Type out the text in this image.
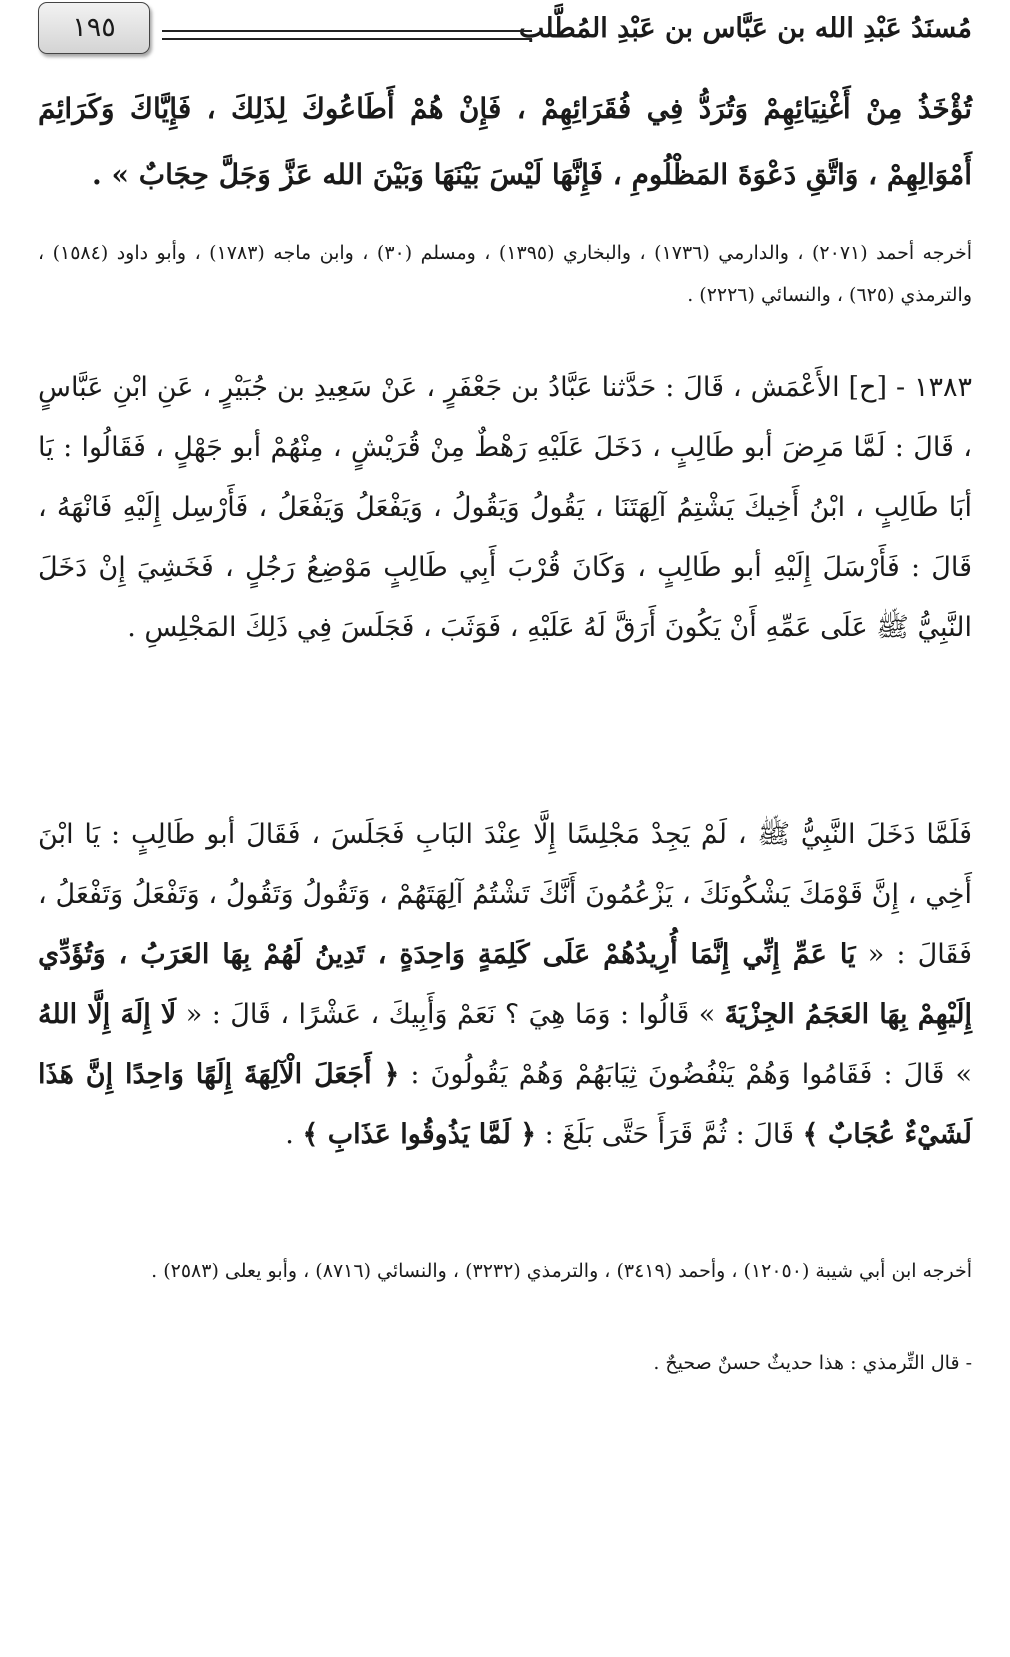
مُسنَدُ عَبْدِ الله بن عَبَّاس بن عَبْدِ المُطَّلب
١٩٥

تُؤْخَذُ مِنْ أَغْنِيَائِهِمْ وَتُرَدُّ فِي فُقَرَائِهِمْ ، فَإِنْ هُمْ أَطَاعُوكَ لِذَلِكَ ، فَإِيَّاكَ وَكَرَائِمَ أَمْوَالِهِمْ ، وَاتَّقِ دَعْوَةَ المَظْلُومِ ، فَإِنَّهَا لَيْسَ بَيْنَهَا وَبَيْنَ الله عَزَّ وَجَلَّ حِجَابٌ » .

أخرجه أحمد (٢٠٧١) ، والدارمي (١٧٣٦) ، والبخاري (١٣٩٥) ، ومسلم (٣٠) ، وابن ماجه (١٧٨٣) ، وأبو داود (١٥٨٤) ، والترمذي (٦٢٥) ، والنسائي (٢٢٢٦) .

١٣٨٣ - [ح] الأَعْمَش ، قَالَ : حَدَّثنا عَبَّادُ بن جَعْفَرٍ ، عَنْ سَعِيدِ بن جُبَيْرٍ ، عَنِ ابْنِ عَبَّاسٍ ، قَالَ : لَمَّا مَرِضَ أبو طَالِبٍ ، دَخَلَ عَلَيْهِ رَهْطٌ مِنْ قُرَيْشٍ ، مِنْهُمْ أبو جَهْلٍ ، فَقَالُوا : يَا أبَا طَالِبٍ ، ابْنُ أَخِيكَ يَشْتِمُ آلِهَتَنَا ، يَقُولُ وَيَقُولُ ، وَيَفْعَلُ وَيَفْعَلُ ، فَأَرْسِل إِلَيْهِ فَانْهَهُ ، قَالَ : فَأَرْسَلَ إِلَيْهِ أبو طَالِبٍ ، وَكَانَ قُرْبَ أَبِي طَالِبٍ مَوْضِعُ رَجُلٍ ، فَخَشِيَ إِنْ دَخَلَ النَّبِيُّ ﷺ عَلَى عَمِّهِ أَنْ يَكُونَ أَرَقَّ لَهُ عَلَيْهِ ، فَوَثَبَ ، فَجَلَسَ فِي ذَلِكَ المَجْلِسِ .

فَلَمَّا دَخَلَ النَّبِيُّ ﷺ ، لَمْ يَجِدْ مَجْلِسًا إِلَّا عِنْدَ البَابِ فَجَلَسَ ، فَقَالَ أبو طَالِبٍ : يَا ابْنَ أَخِي ، إِنَّ قَوْمَكَ يَشْكُونَكَ ، يَزْعُمُونَ أَنَّكَ تَشْتُمُ آلِهَتَهُمْ ، وَتَقُولُ وَتَقُولُ ، وَتَفْعَلُ وَتَفْعَلُ ، فَقَالَ : « يَا عَمِّ إِنِّي إِنَّمَا أُرِيدُهُمْ عَلَى كَلِمَةٍ وَاحِدَةٍ ، تَدِينُ لَهُمْ بِهَا العَرَبُ ، وَتُؤَدِّي إِلَيْهِمْ بِهَا العَجَمُ الجِزْيَةَ » قَالُوا : وَمَا هِيَ ؟ نَعَمْ وَأَبِيكَ ، عَشْرًا ، قَالَ : « لَا إِلَهَ إِلَّا اللهُ » قَالَ : فَقَامُوا وَهُمْ يَنْفُضُونَ ثِيَابَهُمْ وَهُمْ يَقُولُونَ : ﴿ أَجَعَلَ الْآلِهَةَ إِلَهًا وَاحِدًا إِنَّ هَذَا لَشَيْءٌ عُجَابٌ ﴾ قَالَ : ثُمَّ قَرَأَ حَتَّى بَلَغَ : ﴿ لَمَّا يَذُوقُوا عَذَابِ ﴾ .

أخرجه ابن أبي شيبة (١٢٠٥٠) ، وأحمد (٣٤١٩) ، والترمذي (٣٢٣٢) ، والنسائي (٨٧١٦) ، وأبو يعلى (٢٥٨٣) .

- قال التِّرمذي : هذا حديثٌ حسنٌ صحيحٌ .
